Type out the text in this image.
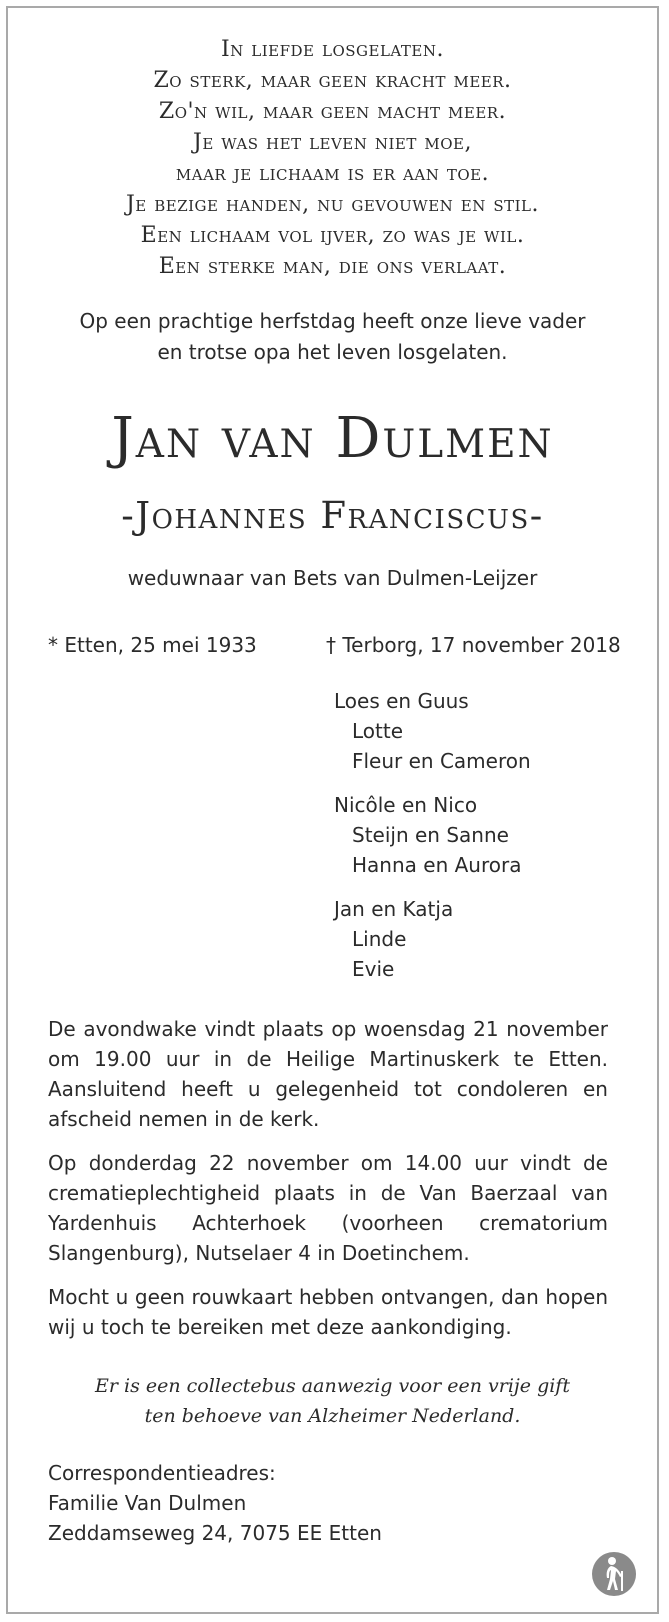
In liefde losgelaten.
Zo sterk, maar geen kracht meer.
Zo'n wil, maar geen macht meer.
Je was het leven niet moe,
maar je lichaam is er aan toe.
Je bezige handen, nu gevouwen en stil.
Een lichaam vol ijver, zo was je wil.
Een sterke man, die ons verlaat.
Op een prachtige herfstdag heeft onze lieve vader
en trotse opa het leven losgelaten.
Jan van Dulmen
-Johannes Franciscus-
weduwnaar van Bets van Dulmen-Leijzer
* Etten, 25 mei 1933	† Terborg, 17 november 2018
Loes en Guus
Lotte
Fleur en Cameron
Nicôle en Nico
Steijn en Sanne
Hanna en Aurora
Jan en Katja
Linde
Evie
De avondwake vindt plaats op woensdag 21 november om 19.00 uur in de Heilige Martinuskerk te Etten. Aansluitend heeft u gelegenheid tot condoleren en afscheid nemen in de kerk.
Op donderdag 22 november om 14.00 uur vindt de crematieplechtigheid plaats in de Van Baerzaal van Yardenhuis Achterhoek (voorheen crematorium Slangenburg), Nutselaer 4 in Doetinchem.
Mocht u geen rouwkaart hebben ontvangen, dan hopen wij u toch te bereiken met deze aankondiging.
Er is een collectebus aanwezig voor een vrije gift
ten behoeve van Alzheimer Nederland.
Correspondentieadres:
Familie Van Dulmen
Zeddamseweg 24, 7075 EE Etten
